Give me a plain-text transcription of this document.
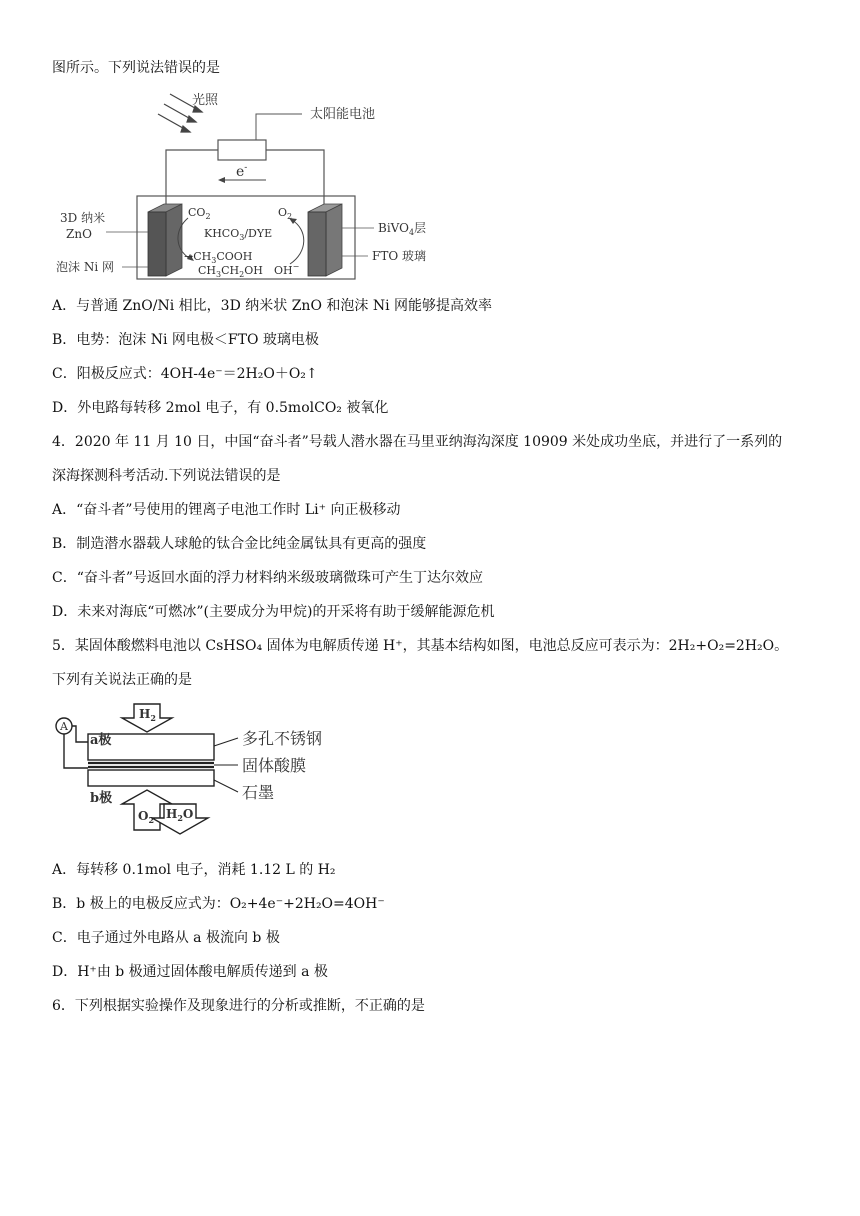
图所示。下列说法错误的是
光照
太阳能电池
e-
$CO_2$	$O_2$
$KHCO_3$/DYE
$\to CH_3COOH$
$CH_3CH_2OH$ OH−
3D 纳米
ZnO
泡沫 Ni 网
BiVO$_4$层
FTO 玻璃
A．与普通 ZnO/Ni 相比，3D 纳米状 ZnO 和泡沫 Ni 网能够提高效率
B．电势：泡沫 Ni 网电极＜FTO 玻璃电极
C．阳极反应式：4OH-4e⁻＝2H₂O＋O₂↑
D．外电路每转移 2mol 电子，有 0.5molCO₂ 被氧化
4．2020 年 11 月 10 日，中国“奋斗者”号载人潜水器在马里亚纳海沟深度 10909 米处成功坐底，并进行了一系列的
深海探测科考活动.下列说法错误的是
A．“奋斗者”号使用的锂离子电池工作时 Li⁺ 向正极移动
B．制造潜水器载人球舱的钛合金比纯金属钛具有更高的强度
C．“奋斗者”号返回水面的浮力材料纳米级玻璃微珠可产生丁达尔效应
D．未来对海底“可燃冰”(主要成分为甲烷)的开采将有助于缓解能源危机
5．某固体酸燃料电池以 CsHSO₄ 固体为电解质传递 H⁺，其基本结构如图，电池总反应可表示为：2H₂+O₂=2H₂O。
下列有关说法正确的是
A
a极
b极
$H_2$
$O_2$ $H_2O$
多孔不锈钢
固体酸膜
石墨
A．每转移 0.1mol 电子，消耗 1.12 L 的 H₂
B．b 极上的电极反应式为：O₂+4e⁻+2H₂O=4OH⁻
C．电子通过外电路从 a 极流向 b 极
D．H⁺由 b 极通过固体酸电解质传递到 a 极
6．下列根据实验操作及现象进行的分析或推断，不正确的是
